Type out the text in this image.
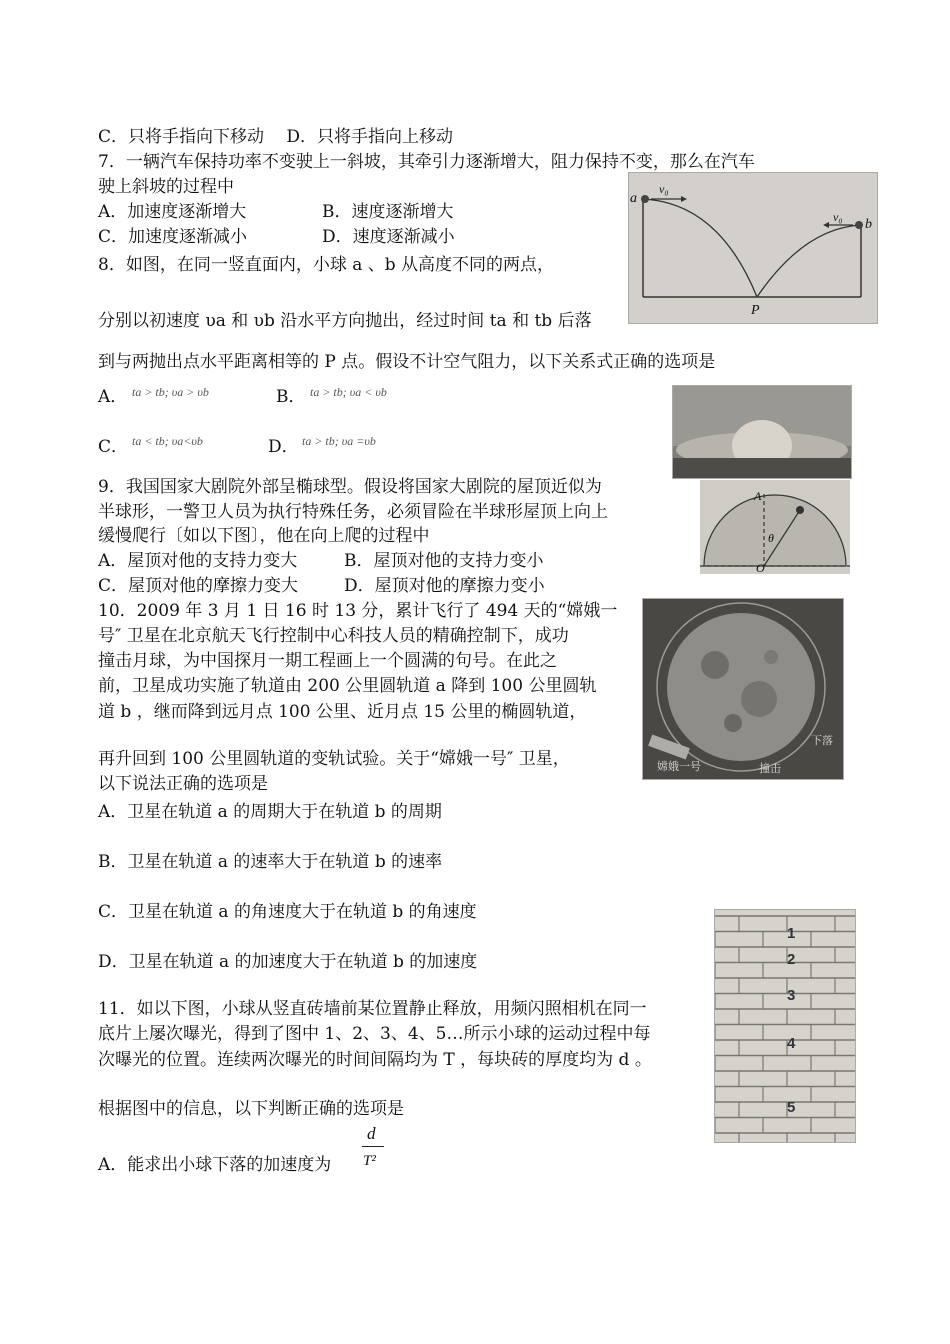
C．只将手指向下移动　 D．只将手指向上移动
7．一辆汽车保持功率不变驶上一斜坡，其牵引力逐渐增大，阻力保持不变，那么在汽车
驶上斜坡的过程中
A．加速度逐渐增大	B．速度逐渐增大
C．加速度逐渐减小	D．速度逐渐减小
8．如图，在同一竖直面内，小球 a 、b 从高度不同的两点，
分别以初速度 υa 和 υb 沿水平方向抛出，经过时间 ta 和 tb 后落
到与两抛出点水平距离相等的 P 点。假设不计空气阻力，以下关系式正确的选项是
A． ta > tb; υa > υb	B． ta > tb; υa < υb
C． ta < tb; υa<υb	D． ta > tb; υa =υb
9．我国国家大剧院外部呈椭球型。假设将国家大剧院的屋顶近似为
半球形，一警卫人员为执行特殊任务，必须冒险在半球形屋顶上向上
缓慢爬行〔如以下图〕，他在向上爬的过程中
A．屋顶对他的支持力变大	B．屋顶对他的支持力变小
C．屋顶对他的摩擦力变大	D．屋顶对他的摩擦力变小
10．2009 年 3 月 1 日 16 时 13 分，累计飞行了 494 天的“嫦娥一
号″ 卫星在北京航天飞行控制中心科技人员的精确控制下，成功
撞击月球，为中国探月一期工程画上一个圆满的句号。在此之
前，卫星成功实施了轨道由 200 公里圆轨道 a 降到 100 公里圆轨
道 b ，继而降到远月点 100 公里、近月点 15 公里的椭圆轨道，
再升回到 100 公里圆轨道的变轨试验。关于“嫦娥一号″ 卫星，
以下说法正确的选项是
A．卫星在轨道 a 的周期大于在轨道 b 的周期
B．卫星在轨道 a 的速率大于在轨道 b 的速率
C．卫星在轨道 a 的角速度大于在轨道 b 的角速度
D．卫星在轨道 a 的加速度大于在轨道 b 的加速度
11．如以下图，小球从竖直砖墙前某位置静止释放，用频闪照相机在同一
底片上屡次曝光，得到了图中 1、2、3、4、5…所示小球的运动过程中每
次曝光的位置。连续两次曝光的时间间隔均为 T ，每块砖的厚度均为 d 。
根据图中的信息，以下判断正确的选项是
A．能求出小球下落的加速度为
d
T²
a
b
v₀
v₀
P
A
O
θ
嫦娥一号
下落
撞击
1
2
3
4
5
